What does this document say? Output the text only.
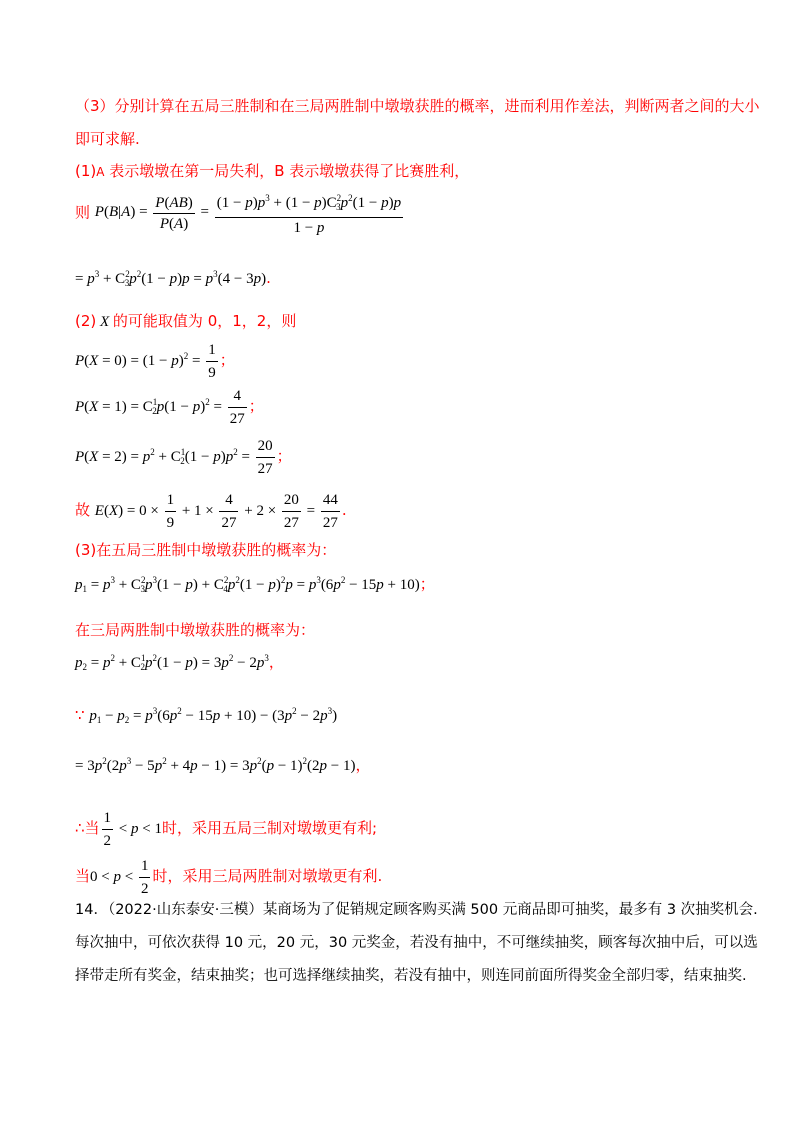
（3）分别计算在五局三胜制和在三局两胜制中墩墩获胜的概率，进而利用作差法，判断两者之间的大小
即可求解.
(1)A 表示墩墩在第一局失利，B 表示墩墩获得了比赛胜利，
则 $P(B|A) = \frac{P(AB)}{P(A)} = \frac{(1 - p)p^3 + (1 - p)C^2_3p^2(1 - p)p}{1 - p}$
= $p^3 + C^2_3p^2(1 - p)p = p^3(4 - 3p)$.
(2) X 的可能取值为 0，1，2，则
$P(X = 0) = (1 - p)^2 = \frac{1}{9}$ ；
$P(X = 1) = C^1_2p(1 - p)^2 = \frac{4}{27}$ ；
$P(X = 2) = p^2 + C^1_2(1 - p)p^2 = \frac{20}{27}$ ；
故 $E(X) = 0 \times \frac{1}{9} + 1 \times \frac{4}{27} + 2 \times \frac{20}{27} = \frac{44}{27}$ .
(3)在五局三胜制中墩墩获胜的概率为：
$p_1 = p^3 + C^2_3p^3(1 - p) + C^2_4p^2(1 - p)^2p = p^3(6p^2 - 15p + 10)$；
在三局两胜制中墩墩获胜的概率为：
$p_2 = p^2 + C^1_2p^2(1 - p) = 3p^2 - 2p^3$，
∵ $p_1 - p_2 = p^3(6p^2 - 15p + 10) - (3p^2 - 2p^3)$
= $3p^2(2p^3 - 5p^2 + 4p - 1) = 3p^2(p - 1)^2(2p - 1)$，
∴当 $\frac{1}{2} < p < 1$时，采用五局三制对墩墩更有利;
当$0 < p < \frac{1}{2}$ 时，采用三局两胜制对墩墩更有利.
14．（2022·山东泰安·三模）某商场为了促销规定顾客购买满 500 元商品即可抽奖，最多有 3 次抽奖机会.
每次抽中，可依次获得 10 元，20 元，30 元奖金，若没有抽中，不可继续抽奖，顾客每次抽中后，可以选
择带走所有奖金，结束抽奖；也可选择继续抽奖，若没有抽中，则连同前面所得奖金全部归零，结束抽奖.
